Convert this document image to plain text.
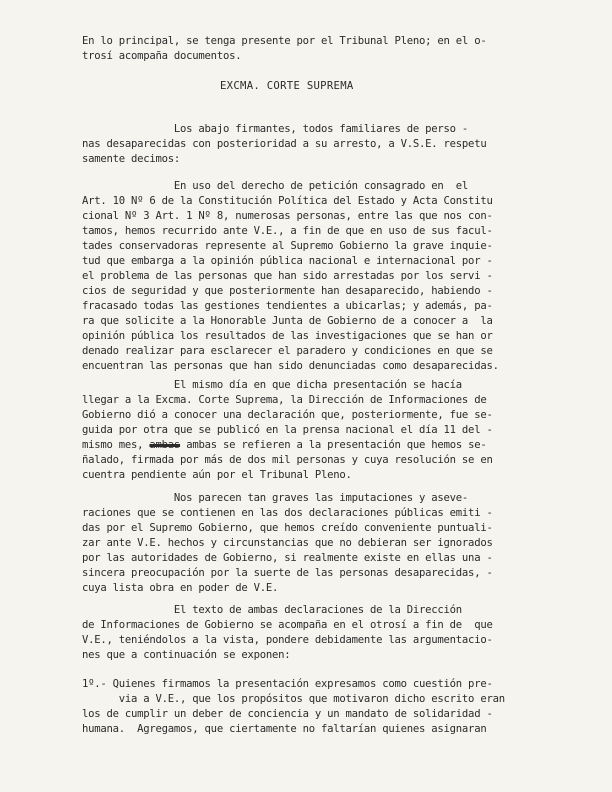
En lo principal, se tenga presente por el Tribunal Pleno; en el o-
trosí acompaña documentos.
EXCMA. CORTE SUPREMA
Los abajo firmantes, todos familiares de perso -
nas desaparecidas con posterioridad a su arresto, a V.S.E. respetu
samente decimos:
En uso del derecho de petición consagrado en  el
Art. 10 Nº 6 de la Constitución Política del Estado y Acta Constitu
cional Nº 3 Art. 1 Nº 8, numerosas personas, entre las que nos con-
tamos, hemos recurrido ante V.E., a fin de que en uso de sus facul-
tades conservadoras represente al Supremo Gobierno la grave inquie-
tud que embarga a la opinión pública nacional e internacional por -
el problema de las personas que han sido arrestadas por los servi -
cios de seguridad y que posteriormente han desaparecido, habiendo -
fracasado todas las gestiones tendientes a ubicarlas; y además, pa-
ra que solicite a la Honorable Junta de Gobierno de a conocer a  la
opinión pública los resultados de las investigaciones que se han or
denado realizar para esclarecer el paradero y condiciones en que se
encuentran las personas que han sido denunciadas como desaparecidas.
El mismo día en que dicha presentación se hacía
llegar a la Excma. Corte Suprema, la Dirección de Informaciones de
Gobierno dió a conocer una declaración que, posteriormente, fue se-
guida por otra que se publicó en la prensa nacional el día 11 del -
mismo mes, ambas ambas se refieren a la presentación que hemos se-
ñalado, firmada por más de dos mil personas y cuya resolución se en
cuentra pendiente aún por el Tribunal Pleno.
Nos parecen tan graves las imputaciones y aseve-
raciones que se contienen en las dos declaraciones públicas emiti -
das por el Supremo Gobierno, que hemos creído conveniente puntuali-
zar ante V.E. hechos y circunstancias que no debieran ser ignorados
por las autoridades de Gobierno, si realmente existe en ellas una -
sincera preocupación por la suerte de las personas desaparecidas, -
cuya lista obra en poder de V.E.
El texto de ambas declaraciones de la Dirección
de Informaciones de Gobierno se acompaña en el otrosí a fin de  que
V.E., teniéndolos a la vista, pondere debidamente las argumentacio-
nes que a continuación se exponen:
1º.- Quienes firmamos la presentación expresamos como cuestión pre-
via a V.E., que los propósitos que motivaron dicho escrito eran
los de cumplir un deber de conciencia y un mandato de solidaridad -
humana.  Agregamos, que ciertamente no faltarían quienes asignaran
